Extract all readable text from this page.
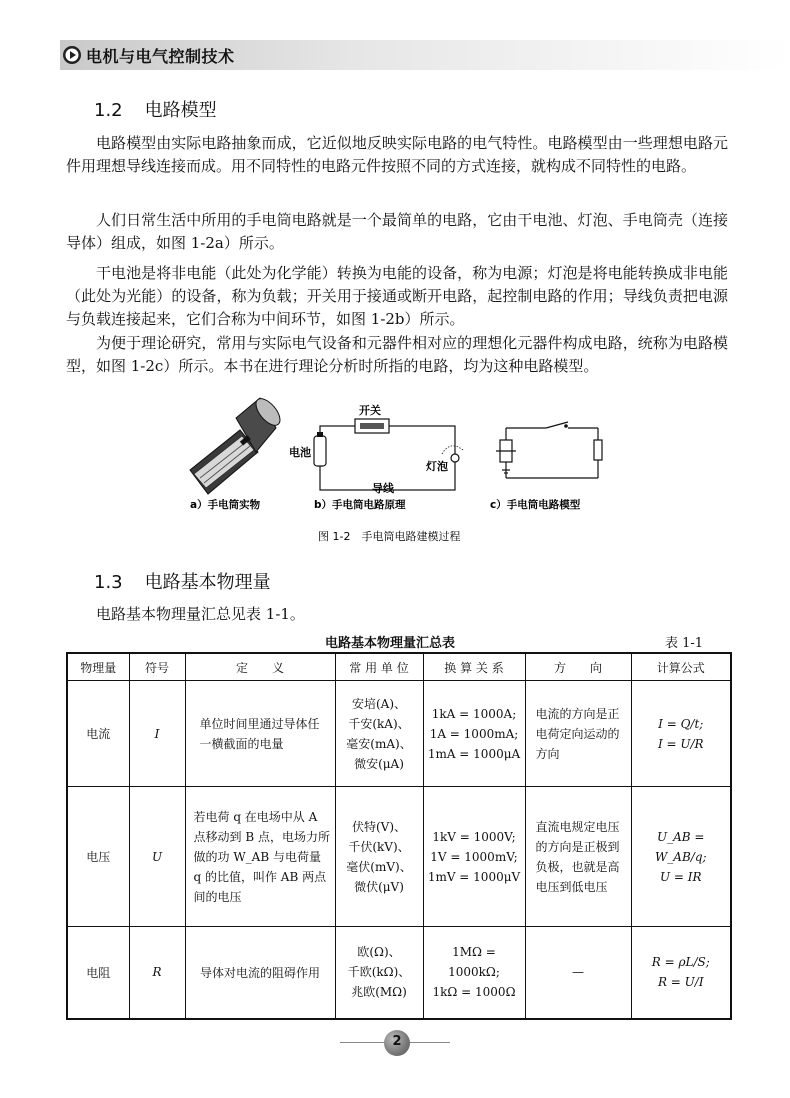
电机与电气控制技术
1.2 电路模型
电路模型由实际电路抽象而成，它近似地反映实际电路的电气特性。电路模型由一些理想电路元件用理想导线连接而成。用不同特性的电路元件按照不同的方式连接，就构成不同特性的电路。
人们日常生活中所用的手电筒电路就是一个最简单的电路，它由干电池、灯泡、手电筒壳（连接导体）组成，如图 1-2a）所示。
干电池是将非电能（此处为化学能）转换为电能的设备，称为电源；灯泡是将电能转换成非电能（此处为光能）的设备，称为负载；开关用于接通或断开电路，起控制电路的作用；导线负责把电源与负载连接起来，它们合称为中间环节，如图 1-2b）所示。
为便于理论研究，常用与实际电气设备和元器件相对应的理想化元器件构成电路，统称为电路模型，如图 1-2c）所示。本书在进行理论分析时所指的电路，均为这种电路模型。
开关
电池
灯泡
导线
a）手电筒实物	b）手电筒电路原理	c）手电筒电路模型
图 1-2　手电筒电路建模过程
1.3 电路基本物理量
电路基本物理量汇总见表 1-1。
电路基本物理量汇总表	表 1-1
物理量	符号	定　　义	常 用 单 位	换 算 关 系	方　　向	计算公式
电流	I	单位时间里通过导体任一横截面的电量	安培(A)、
千安(kA)、
毫安(mA)、
微安(μA)	1kA = 1000A;
1A = 1000mA;
1mA = 1000μA	电流的方向是正电荷定向运动的方向	I = Q/t;
I = U/R

电压	U	若电荷 q 在电场中从 A 点移动到 B 点，电场力所做的功 W_AB 与电荷量 q 的比值，叫作 AB 两点间的电压	伏特(V)、
千伏(kV)、
毫伏(mV)、
微伏(μV)	1kV = 1000V;
1V = 1000mV;
1mV = 1000μV	直流电规定电压的方向是正极到负极，也就是高电压到低电压	U_AB = W_AB/q;
U = IR

电阻	R	导体对电流的阻碍作用	欧(Ω)、
千欧(kΩ)、
兆欧(MΩ)	1MΩ = 1000kΩ;
1kΩ = 1000Ω	—	R = ρL/S;
R = U/I
2
